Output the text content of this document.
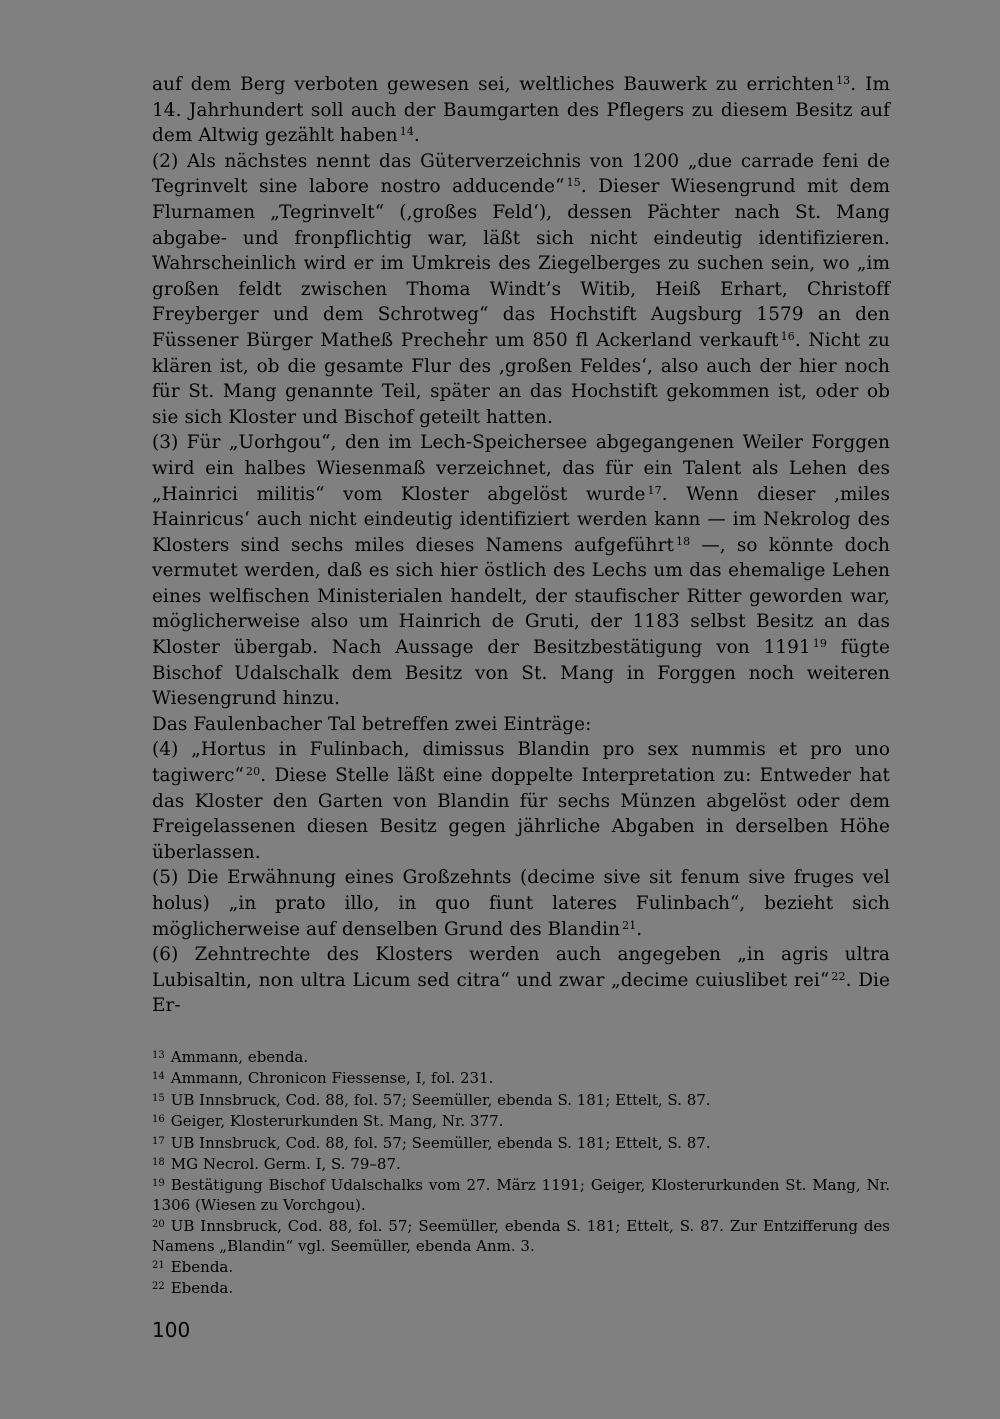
auf dem Berg verboten gewesen sei, weltliches Bauwerk zu errichten $^{13}$. Im 14. Jahrhundert soll auch der Baumgarten des Pflegers zu diesem Besitz auf dem Altwig gezählt haben $^{14}$.

(2) Als nächstes nennt das Güterverzeichnis von 1200 „due carrade feni de Tegrinvelt sine labore nostro adducende“ $^{15}$. Dieser Wiesengrund mit dem Flurnamen „Tegrinvelt“ (‚großes Feld‘), dessen Pächter nach St. Mang abgabe- und fronpflichtig war, läßt sich nicht eindeutig identifizieren. Wahrscheinlich wird er im Umkreis des Ziegelberges zu suchen sein, wo „im großen feldt zwischen Thoma Windt’s Witib, Heiß Erhart, Christoff Freyberger und dem Schrotweg“ das Hochstift Augsburg 1579 an den Füssener Bürger Matheß Precheḣr um 850 fl Ackerland verkauft $^{16}$. Nicht zu klären ist, ob die gesamte Flur des ‚großen Feldes‘, also auch der hier noch für St. Mang genannte Teil, später an das Hochstift gekommen ist, oder ob sie sich Kloster und Bischof geteilt hatten.

(3) Für „Uorhgou“, den im Lech-Speichersee abgegangenen Weiler Forggen wird ein halbes Wiesenmaß verzeichnet, das für ein Talent als Lehen des „Hainrici militis“ vom Kloster abgelöst wurde $^{17}$. Wenn dieser ‚miles Hainricus‘ auch nicht eindeutig identifiziert werden kann — im Nekrolog des Klosters sind sechs miles dieses Namens aufgeführt $^{18}$ —, so könnte doch vermutet werden, daß es sich hier östlich des Lechs um das ehemalige Lehen eines welfischen Ministerialen handelt, der staufischer Ritter geworden war, möglicherweise also um Hainrich de Gruti, der 1183 selbst Besitz an das Kloster übergab. Nach Aussage der Besitzbestätigung von 1191 $^{19}$ fügte Bischof Udalschalk dem Besitz von St. Mang in Forggen noch weiteren Wiesengrund hinzu.

Das Faulenbacher Tal betreffen zwei Einträge:

(4) „Hortus in Fulinbach, dimissus Blandin pro sex nummis et pro uno tagiwerc“ $^{20}$. Diese Stelle läßt eine doppelte Interpretation zu: Entweder hat das Kloster den Garten von Blandin für sechs Münzen abgelöst oder dem Freigelassenen diesen Besitz gegen jährliche Abgaben in derselben Höhe überlassen.

(5) Die Erwähnung eines Großzehnts (decime sive sit fenum sive fruges vel holus) „in prato illo, in quo fiunt lateres Fulinbach“, bezieht sich möglicherweise auf denselben Grund des Blandin $^{21}$.

(6) Zehntrechte des Klosters werden auch angegeben „in agris ultra Lubisaltin, non ultra Licum sed citra“ und zwar „decime cuiuslibet rei“ $^{22}$. Die Er-

$^{13}$ Ammann, ebenda.

$^{14}$ Ammann, Chronicon Fiessense, I, fol. 231.

$^{15}$ UB Innsbruck, Cod. 88, fol. 57; Seemüller, ebenda S. 181; Ettelt, S. 87.

$^{16}$ Geiger, Klosterurkunden St. Mang, Nr. 377.

$^{17}$ UB Innsbruck, Cod. 88, fol. 57; Seemüller, ebenda S. 181; Ettelt, S. 87.

$^{18}$ MG Necrol. Germ. I, S. 79–87.

$^{19}$ Bestätigung Bischof Udalschalks vom 27. März 1191; Geiger, Klosterurkunden St. Mang, Nr. 1306 (Wiesen zu Vorchgou).

$^{20}$ UB Innsbruck, Cod. 88, fol. 57; Seemüller, ebenda S. 181; Ettelt, S. 87. Zur Entzifferung des Namens „Blandin“ vgl. Seemüller, ebenda Anm. 3.

$^{21}$ Ebenda.

$^{22}$ Ebenda.

100
